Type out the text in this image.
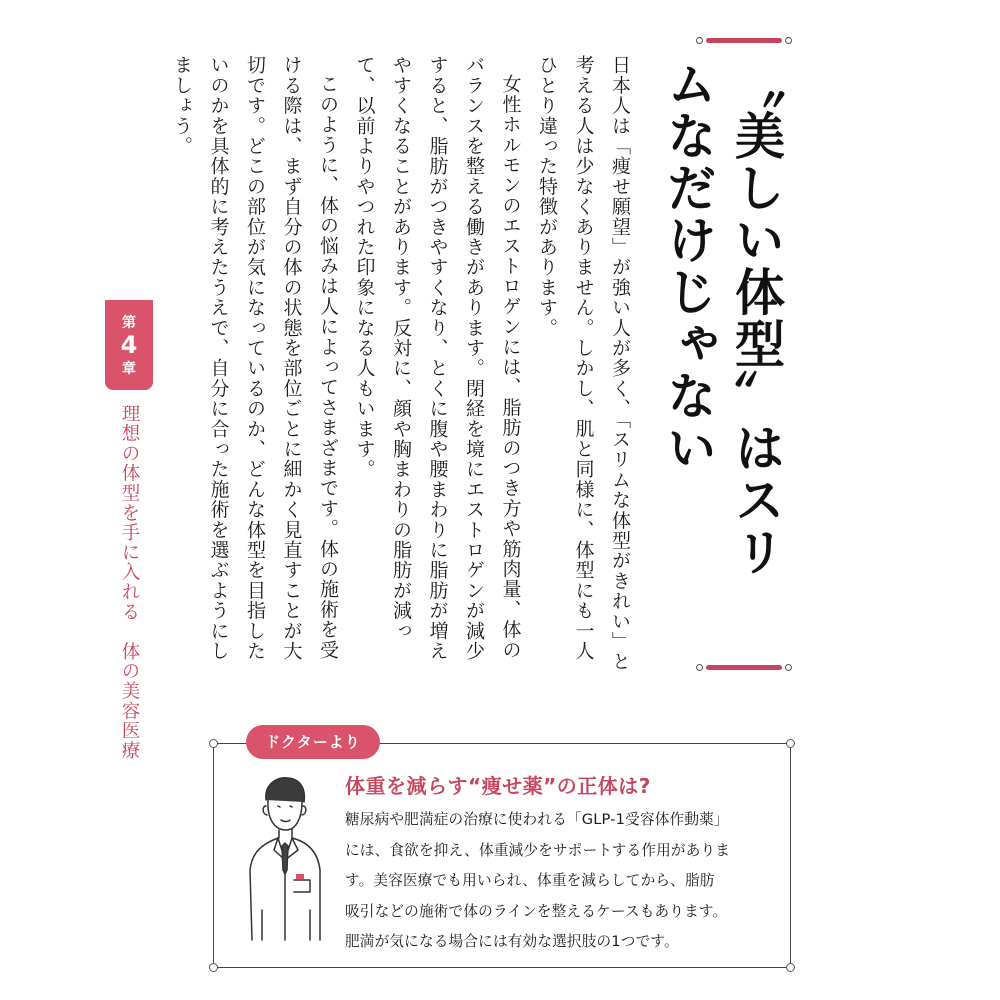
〝美しい体型〟はスリムなだけじゃない

日本人は「痩せ願望」が強い人が多く、「スリムな体型がきれい」と考える人は少なくありません。しかし、肌と同様に、体型にも一人ひとり違った特徴があります。

女性ホルモンのエストロゲンには、脂肪のつき方や筋肉量、体のバランスを整える働きがあります。閉経を境にエストロゲンが減少すると、脂肪がつきやすくなり、とくに腹や腰まわりに脂肪が増えやすくなることがあります。反対に、顔や胸まわりの脂肪が減って、以前よりやつれた印象になる人もいます。

このように、体の悩みは人によってさまざまです。体の施術を受ける際は、まず自分の体の状態を部位ごとに細かく見直すことが大切です。どこの部位が気になっているのか、どんな体型を目指したいのかを具体的に考えたうえで、自分に合った施術を選ぶようにしましょう。

第
4
章
理想の体型を手に入れる　体の美容医療	ドクターより
体重を減らす“痩せ薬”の正体は?
糖尿病や肥満症の治療に使われる「GLP-1受容体作動薬」
には、食欲を抑え、体重減少をサポートする作用がありま
す。美容医療でも用いられ、体重を減らしてから、脂肪
吸引などの施術で体のラインを整えるケースもあります。
肥満が気になる場合には有効な選択肢の1つです。
